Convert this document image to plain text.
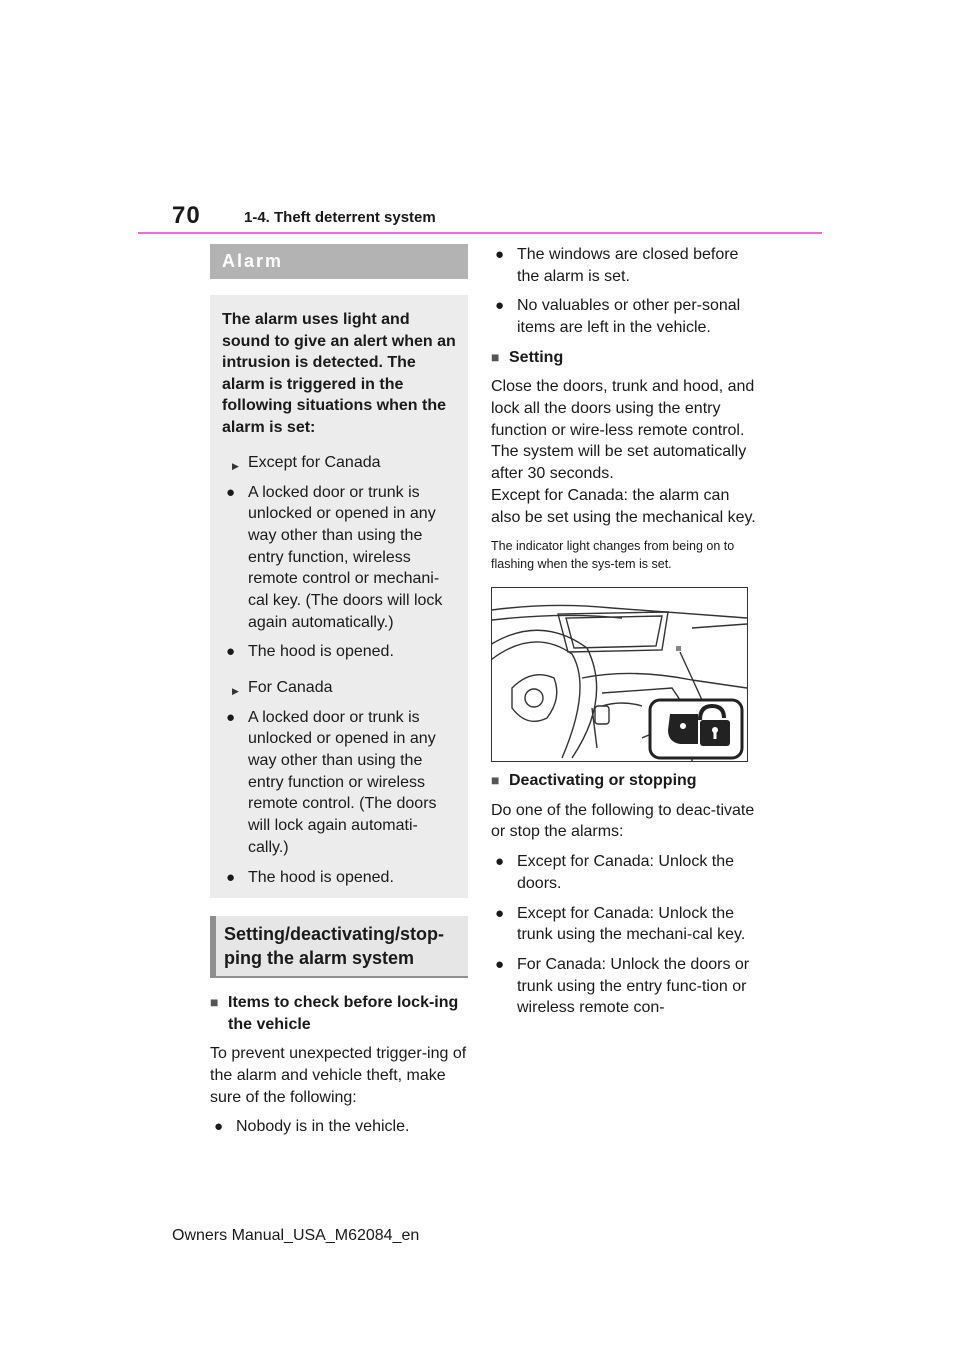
70	1-4. Theft deterrent system
Alarm

The alarm uses light and sound to give an alert when an intrusion is detected. The alarm is triggered in the following situations when the alarm is set:

▶ Except for Canada

● A locked door or trunk is unlocked or opened in any way other than using the entry function, wireless remote control or mechani-cal key. (The doors will lock again automatically.)

● The hood is opened.

▶ For Canada

● A locked door or trunk is unlocked or opened in any way other than using the entry function or wireless remote control. (The doors will lock again automati-cally.)

● The hood is opened.

Setting/deactivating/stop-ping the alarm system

■ Items to check before lock-ing the vehicle

To prevent unexpected trigger-ing of the alarm and vehicle theft, make sure of the following:

● Nobody is in the vehicle.

● The windows are closed before the alarm is set.

● No valuables or other per-sonal items are left in the vehicle.

■ Setting

Close the doors, trunk and hood, and lock all the doors using the entry function or wire-less remote control. The system will be set automatically after 30 seconds.

Except for Canada: the alarm can also be set using the mechanical key.

The indicator light changes from being on to flashing when the sys-tem is set.

■ Deactivating or stopping

Do one of the following to deac-tivate or stop the alarms:

● Except for Canada: Unlock the doors.

● Except for Canada: Unlock the trunk using the mechani-cal key.

● For Canada: Unlock the doors or trunk using the entry func-tion or wireless remote con-

Owners Manual_USA_M62084_en
